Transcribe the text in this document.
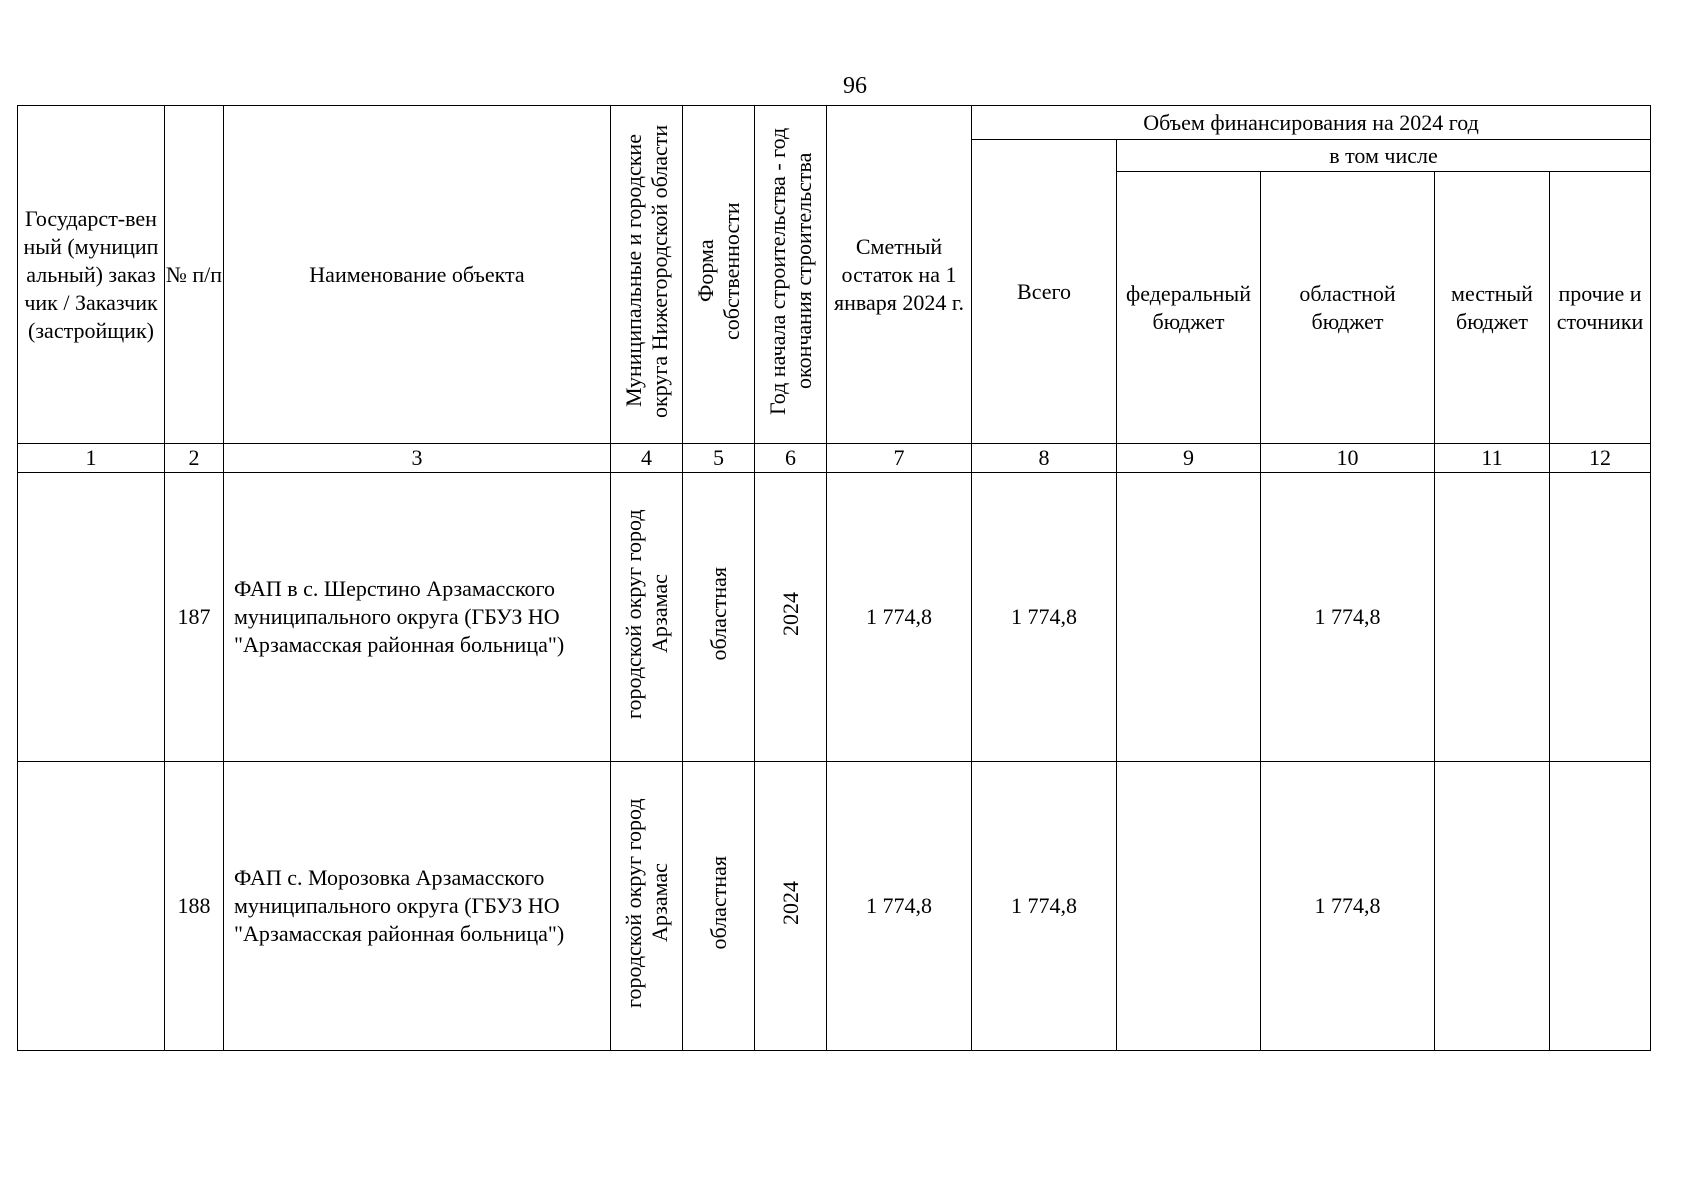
96
Государст-венный (муниципальный) заказчик / Заказчик (застройщик)	№ п/п	Наименование объекта	Муниципальные и городские округа Нижегородской области	Форма собственности	Год начала строительства - год окончания строительства	Сметный остаток на 1 января 2024 г.	Объем финансирования на 2024 год				
							Всего	в том числе			
								федеральный бюджет	областной бюджет	местный бюджет	прочие источники
1	2	3	4	5	6	7	8	9	10	11	12
	187	ФАП в с. Шерстино Арзамасского муниципального округа (ГБУЗ НО "Арзамасская районная больница")	городской округ город Арзамас	областная	2024	1 774,8	1 774,8		1 774,8		
	188	ФАП с. Морозовка Арзамасского муниципального округа (ГБУЗ НО "Арзамасская районная больница")	городской округ город Арзамас	областная	2024	1 774,8	1 774,8		1 774,8		
